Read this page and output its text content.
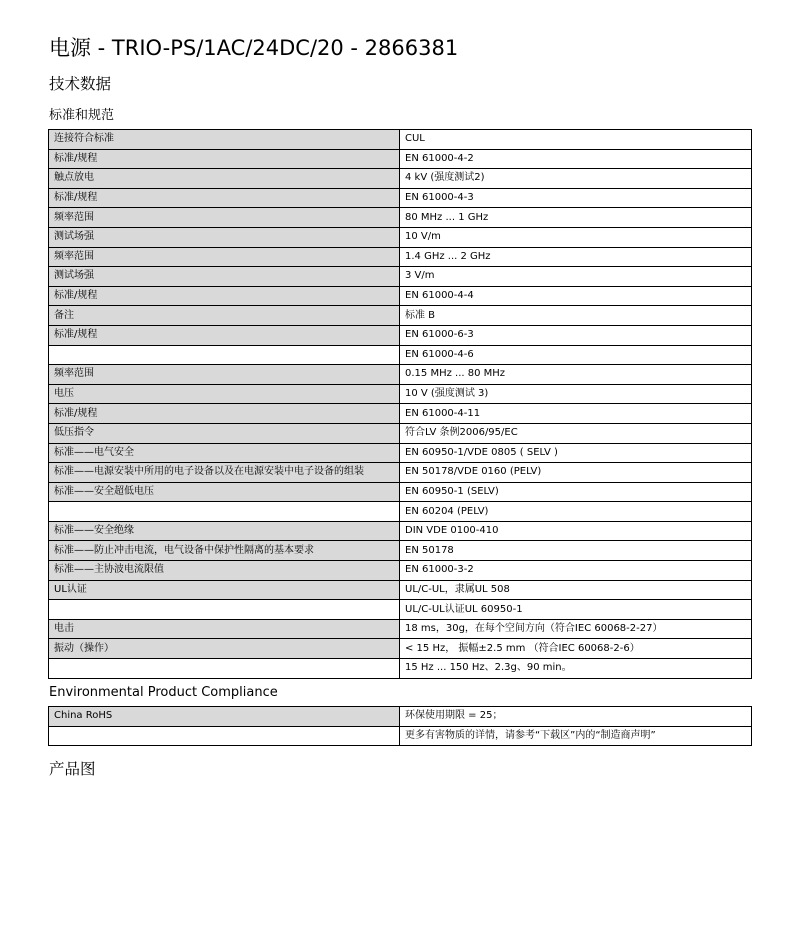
电源 - TRIO-PS/1AC/24DC/20 - 2866381
技术数据
标准和规范
连接符合标准	CUL
标准/规程	EN 61000-4-2
触点放电	4 kV (强度测试2)
标准/规程	EN 61000-4-3
频率范围	80 MHz ... 1 GHz
测试场强	10 V/m
频率范围	1.4 GHz ... 2 GHz
测试场强	3 V/m
标准/规程	EN 61000-4-4
备注	标准 B
标准/规程	EN 61000-6-3
	EN 61000-4-6
频率范围	0.15 MHz ... 80 MHz
电压	10 V (强度测试 3)
标准/规程	EN 61000-4-11
低压指令	符合LV 条例2006/95/EC
标准——电气安全	EN 60950-1/VDE 0805 ( SELV )
标准——电源安装中所用的电子设备以及在电源安装中电子设备的组装	EN 50178/VDE 0160 (PELV)
标准——安全超低电压	EN 60950-1 (SELV)
	EN 60204 (PELV)
标准——安全绝缘	DIN VDE 0100-410
标准——防止冲击电流，电气设备中保护性隔离的基本要求	EN 50178
标准——主协波电流限值	EN 61000-3-2
UL认证	UL/C-UL，隶属UL 508
	UL/C-UL认证UL 60950-1
电击	18 ms，30g，在每个空间方向（符合IEC 60068-2-27）
振动（操作）	< 15 Hz， 振幅±2.5 mm （符合IEC 60068-2-6）
	15 Hz ... 150 Hz、2.3g、90 min。
Environmental Product Compliance
China RoHS	环保使用期限 = 25；
	更多有害物质的详情，请参考“下载区”内的“制造商声明”
产品图
